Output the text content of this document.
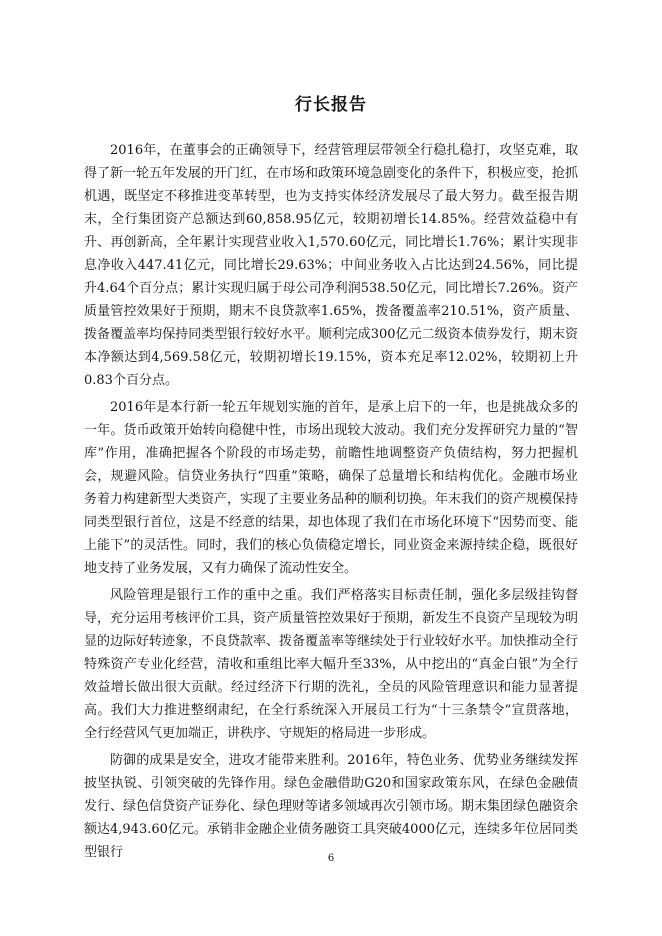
行长报告

2016年，在董事会的正确领导下，经营管理层带领全行稳扎稳打，攻坚克难，取得了新一轮五年发展的开门红，在市场和政策环境急剧变化的条件下，积极应变，抢抓机遇，既坚定不移推进变革转型，也为支持实体经济发展尽了最大努力。截至报告期末，全行集团资产总额达到60,858.95亿元，较期初增长14.85%。经营效益稳中有升、再创新高，全年累计实现营业收入1,570.60亿元，同比增长1.76%；累计实现非息净收入447.41亿元，同比增长29.63%；中间业务收入占比达到24.56%，同比提升4.64个百分点；累计实现归属于母公司净利润538.50亿元，同比增长7.26%。资产质量管控效果好于预期，期末不良贷款率1.65%，拨备覆盖率210.51%，资产质量、拨备覆盖率均保持同类型银行较好水平。顺利完成300亿元二级资本债券发行，期末资本净额达到4,569.58亿元，较期初增长19.15%，资本充足率12.02%，较期初上升0.83个百分点。

2016年是本行新一轮五年规划实施的首年，是承上启下的一年，也是挑战众多的一年。货币政策开始转向稳健中性，市场出现较大波动。我们充分发挥研究力量的“智库”作用，准确把握各个阶段的市场走势，前瞻性地调整资产负债结构，努力把握机会，规避风险。信贷业务执行“四重”策略，确保了总量增长和结构优化。金融市场业务着力构建新型大类资产，实现了主要业务品种的顺利切换。年末我们的资产规模保持同类型银行首位，这是不经意的结果，却也体现了我们在市场化环境下“因势而变、能上能下”的灵活性。同时，我们的核心负债稳定增长，同业资金来源持续企稳，既很好地支持了业务发展，又有力确保了流动性安全。

风险管理是银行工作的重中之重。我们严格落实目标责任制，强化多层级挂钩督导，充分运用考核评价工具，资产质量管控效果好于预期，新发生不良资产呈现较为明显的边际好转迹象，不良贷款率、拨备覆盖率等继续处于行业较好水平。加快推动全行特殊资产专业化经营，清收和重组比率大幅升至33%，从中挖出的“真金白银”为全行效益增长做出很大贡献。经过经济下行期的洗礼，全员的风险管理意识和能力显著提高。我们大力推进整纲肃纪，在全行系统深入开展员工行为“十三条禁令”宣贯落地，全行经营风气更加端正，讲秩序、守规矩的格局进一步形成。

防御的成果是安全，进攻才能带来胜利。2016年，特色业务、优势业务继续发挥披坚执锐、引领突破的先锋作用。绿色金融借助G20和国家政策东风，在绿色金融债发行、绿色信贷资产证券化、绿色理财等诸多领域再次引领市场。期末集团绿色融资余额达4,943.60亿元。承销非金融企业债务融资工具突破4000亿元，连续多年位居同类型银行	6
